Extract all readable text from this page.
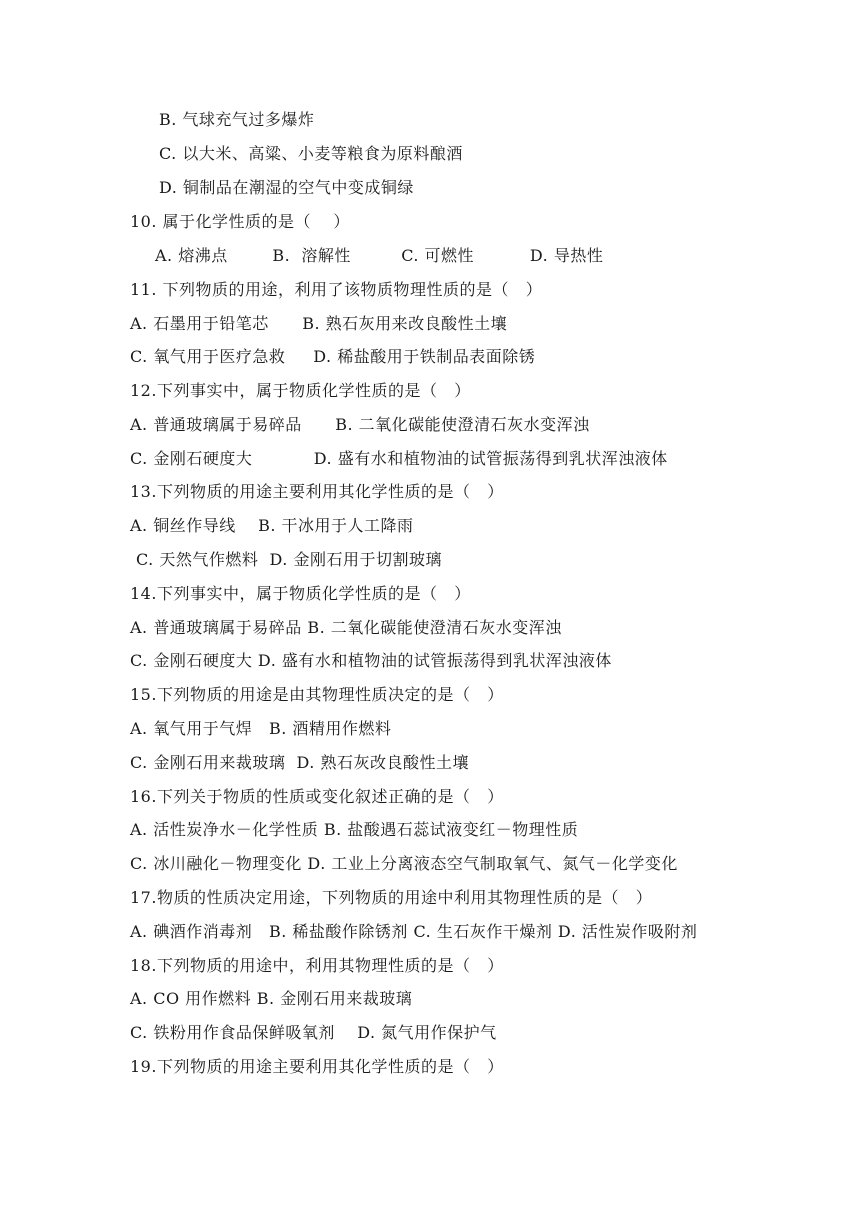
B. 气球充气过多爆炸
C. 以大米、高粱、小麦等粮食为原料酿酒
D. 铜制品在潮湿的空气中变成铜绿
10. 属于化学性质的是（    ）
A. 熔沸点        B.  溶解性         C. 可燃性          D. 导热性
11. 下列物质的用途，利用了该物质物理性质的是（   ）
A. 石墨用于铅笔芯      B. 熟石灰用来改良酸性土壤
C. 氧气用于医疗急救     D. 稀盐酸用于铁制品表面除锈
12.下列事实中，属于物质化学性质的是（   ）
A. 普通玻璃属于易碎品      B. 二氧化碳能使澄清石灰水变浑浊
C. 金刚石硬度大           D. 盛有水和植物油的试管振荡得到乳状浑浊液体
13.下列物质的用途主要利用其化学性质的是（   ）
A. 铜丝作导线    B. 干冰用于人工降雨
C. 天然气作燃料  D. 金刚石用于切割玻璃
14.下列事实中，属于物质化学性质的是（   ）
A. 普通玻璃属于易碎品 B. 二氧化碳能使澄清石灰水变浑浊
C. 金刚石硬度大 D. 盛有水和植物油的试管振荡得到乳状浑浊液体
15.下列物质的用途是由其物理性质决定的是（   ）
A. 氧气用于气焊   B. 酒精用作燃料
C. 金刚石用来裁玻璃  D. 熟石灰改良酸性土壤
16.下列关于物质的性质或变化叙述正确的是（   ）
A. 活性炭净水－化学性质 B. 盐酸遇石蕊试液变红－物理性质
C. 冰川融化－物理变化 D. 工业上分离液态空气制取氧气、氮气－化学变化
17.物质的性质决定用途，下列物质的用途中利用其物理性质的是（   ）
A. 碘酒作消毒剂   B. 稀盐酸作除锈剂 C. 生石灰作干燥剂 D. 活性炭作吸附剂
18.下列物质的用途中，利用其物理性质的是（   ）
A. CO 用作燃料 B. 金刚石用来裁玻璃
C. 铁粉用作食品保鲜吸氧剂    D. 氮气用作保护气
19.下列物质的用途主要利用其化学性质的是（   ）
